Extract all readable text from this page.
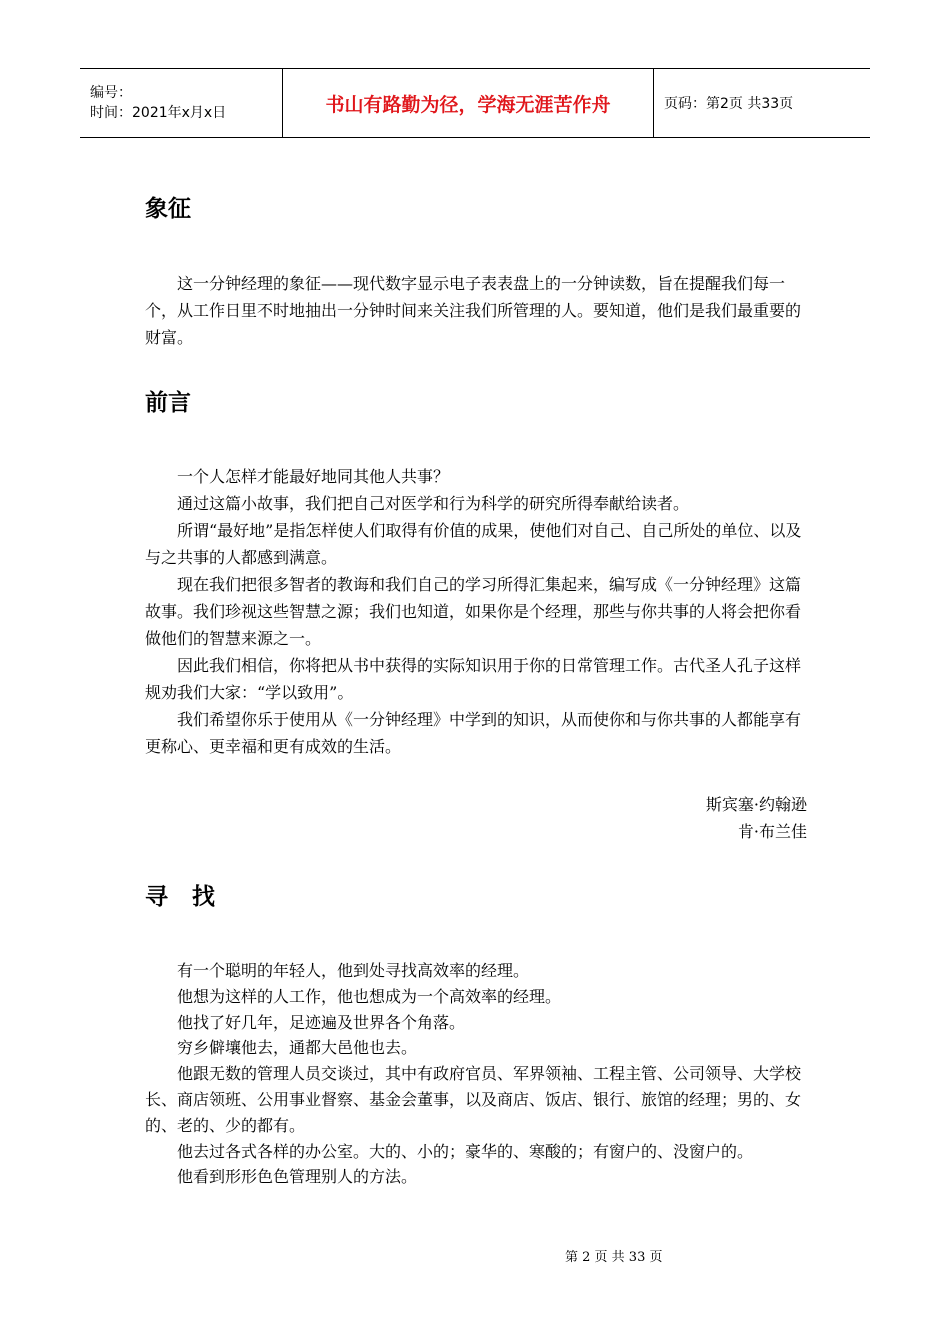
编号：
时间：2021年x月x日	书山有路勤为径，学海无涯苦作舟	页码：第2页 共33页
象征

这一分钟经理的象征——现代数字显示电子表表盘上的一分钟读数，旨在提醒我们每一个，从工作日里不时地抽出一分钟时间来关注我们所管理的人。要知道，他们是我们最重要的财富。

前言

一个人怎样才能最好地同其他人共事？

通过这篇小故事，我们把自己对医学和行为科学的研究所得奉献给读者。

所谓“最好地”是指怎样使人们取得有价值的成果，使他们对自己、自己所处的单位、以及与之共事的人都感到满意。

现在我们把很多智者的教诲和我们自己的学习所得汇集起来，编写成《一分钟经理》这篇故事。我们珍视这些智慧之源；我们也知道，如果你是个经理，那些与你共事的人将会把你看做他们的智慧来源之一。

因此我们相信，你将把从书中获得的实际知识用于你的日常管理工作。古代圣人孔子这样规劝我们大家：“学以致用”。

我们希望你乐于使用从《一分钟经理》中学到的知识，从而使你和与你共事的人都能享有更称心、更幸福和更有成效的生活。

斯宾塞·约翰逊
肯·布兰佳
寻 找

有一个聪明的年轻人，他到处寻找高效率的经理。

他想为这样的人工作，他也想成为一个高效率的经理。

他找了好几年，足迹遍及世界各个角落。

穷乡僻壤他去，通都大邑他也去。

他跟无数的管理人员交谈过，其中有政府官员、军界领袖、工程主管、公司领导、大学校长、商店领班、公用事业督察、基金会董事，以及商店、饭店、银行、旅馆的经理；男的、女的、老的、少的都有。

他去过各式各样的办公室。大的、小的；豪华的、寒酸的；有窗户的、没窗户的。

他看到形形色色管理别人的方法。

第 2 页 共 33 页
